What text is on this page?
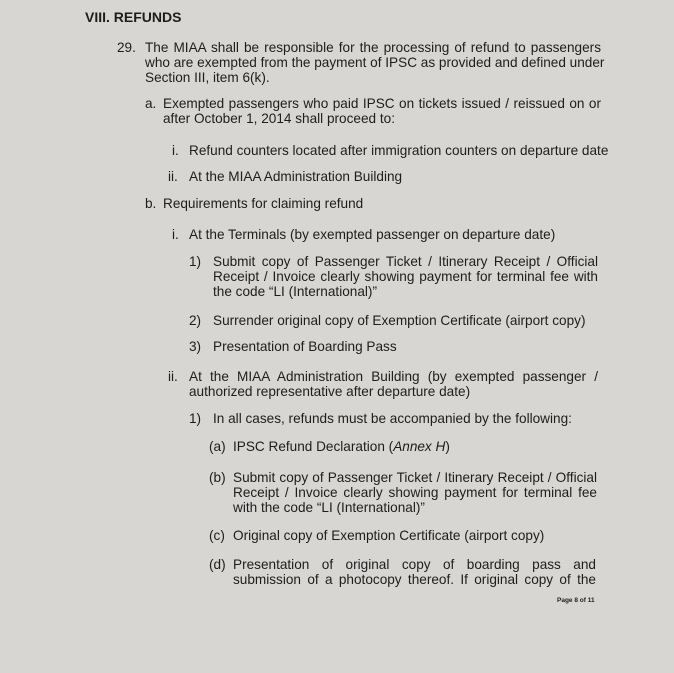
VIII. REFUNDS
29. The MIAA shall be responsible for the processing of refund to passengers
who are exempted from the payment of IPSC as provided and defined under
Section III, item 6(k).
a. Exempted passengers who paid IPSC on tickets issued / reissued on or
after October 1, 2014 shall proceed to:
i. Refund counters located after immigration counters on departure date
ii. At the MIAA Administration Building
b. Requirements for claiming refund
i. At the Terminals (by exempted passenger on departure date)
1) Submit copy of Passenger Ticket / Itinerary Receipt / Official
Receipt / Invoice clearly showing payment for terminal fee with
the code “LI (International)”
2) Surrender original copy of Exemption Certificate (airport copy)
3) Presentation of Boarding Pass
ii. At the MIAA Administration Building (by exempted passenger /
authorized representative after departure date)
1) In all cases, refunds must be accompanied by the following:
(a) IPSC Refund Declaration (Annex H)
(b) Submit copy of Passenger Ticket / Itinerary Receipt / Official
Receipt / Invoice clearly showing payment for terminal fee
with the code “LI (International)”
(c) Original copy of Exemption Certificate (airport copy)
(d) Presentation of original copy of boarding pass and
submission of a photocopy thereof. If original copy of the
Page 8 of 11
